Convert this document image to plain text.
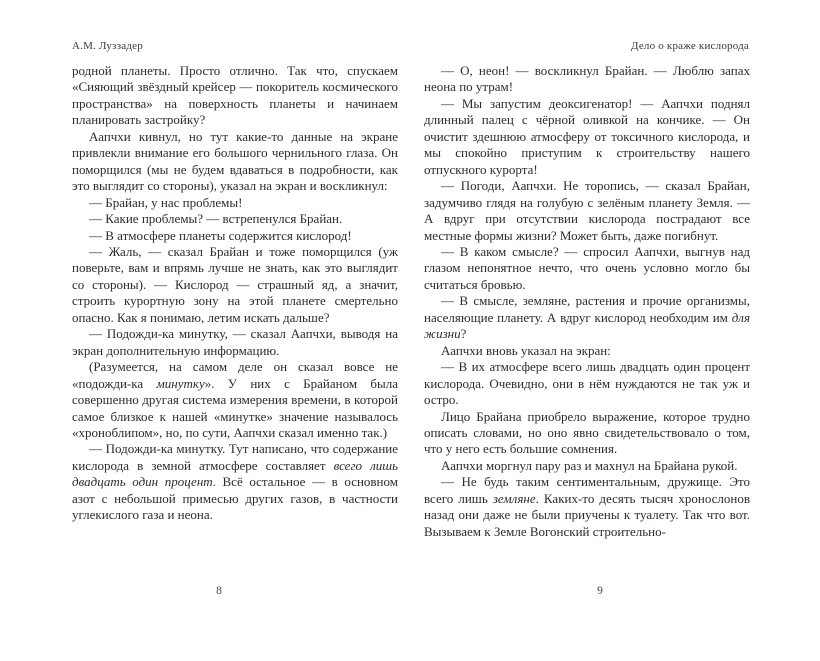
А.М. Луззадер	Дело о краже кислорода

родной планеты. Просто отлично. Так что, спускаем «Сияющий звёздный крейсер — покоритель космического пространства» на поверхность планеты и начинаем планировать застройку?

Аапчхи кивнул, но тут какие-то данные на экране привлекли внимание его большого чернильного глаза. Он поморщился (мы не будем вдаваться в подробности, как это выглядит со стороны), указал на экран и воскликнул:

— Брайан, у нас проблемы!

— Какие проблемы? — встрепенулся Брайан.

— В атмосфере планеты содержится кислород!

— Жаль, — сказал Брайан и тоже поморщился (уж поверьте, вам и впрямь лучше не знать, как это выглядит со стороны). — Кислород — страшный яд, а значит, строить курортную зону на этой планете смертельно опасно. Как я понимаю, летим искать дальше?

— Подожди-ка минутку, — сказал Аапчхи, выводя на экран дополнительную информацию.

(Разумеется, на самом деле он сказал вовсе не «подожди-ка минутку». У них с Брайаном была совершенно другая система измерения времени, в которой самое близкое к нашей «минутке» значение называлось «хроноблипом», но, по сути, Аапчхи сказал именно так.)

— Подожди-ка минутку. Тут написано, что содержание кислорода в земной атмосфере составляет всего лишь двадцать один процент. Всё остальное — в основном азот с небольшой примесью других газов, в частности углекислого газа и неона.

— О, неон! — воскликнул Брайан. — Люблю запах неона по утрам!

— Мы запустим деоксигенатор! — Аапчхи поднял длинный палец с чёрной оливкой на кончике. — Он очистит здешнюю атмосферу от токсичного кислорода, и мы спокойно приступим к строительству нашего отпускного курорта!

— Погоди, Аапчхи. Не торопись, — сказал Брайан, задумчиво глядя на голубую с зелёным планету Земля. — А вдруг при отсутствии кислорода пострадают все местные формы жизни? Может быть, даже погибнут.

— В каком смысле? — спросил Аапчхи, выгнув над глазом непонятное нечто, что очень условно могло бы считаться бровью.

— В смысле, земляне, растения и прочие организмы, населяющие планету. А вдруг кислород необходим им для жизни?

Аапчхи вновь указал на экран:

— В их атмосфере всего лишь двадцать один процент кислорода. Очевидно, они в нём нуждаются не так уж и остро.

Лицо Брайана приобрело выражение, которое трудно описать словами, но оно явно свидетельствовало о том, что у него есть большие сомнения.

Аапчхи моргнул пару раз и махнул на Брайана рукой.

— Не будь таким сентиментальным, дружище. Это всего лишь земляне. Каких-то десять тысяч хронослонов назад они даже не были приучены к туалету. Так что вот. Вызываем к Земле Вогонский строительно-

8	9
